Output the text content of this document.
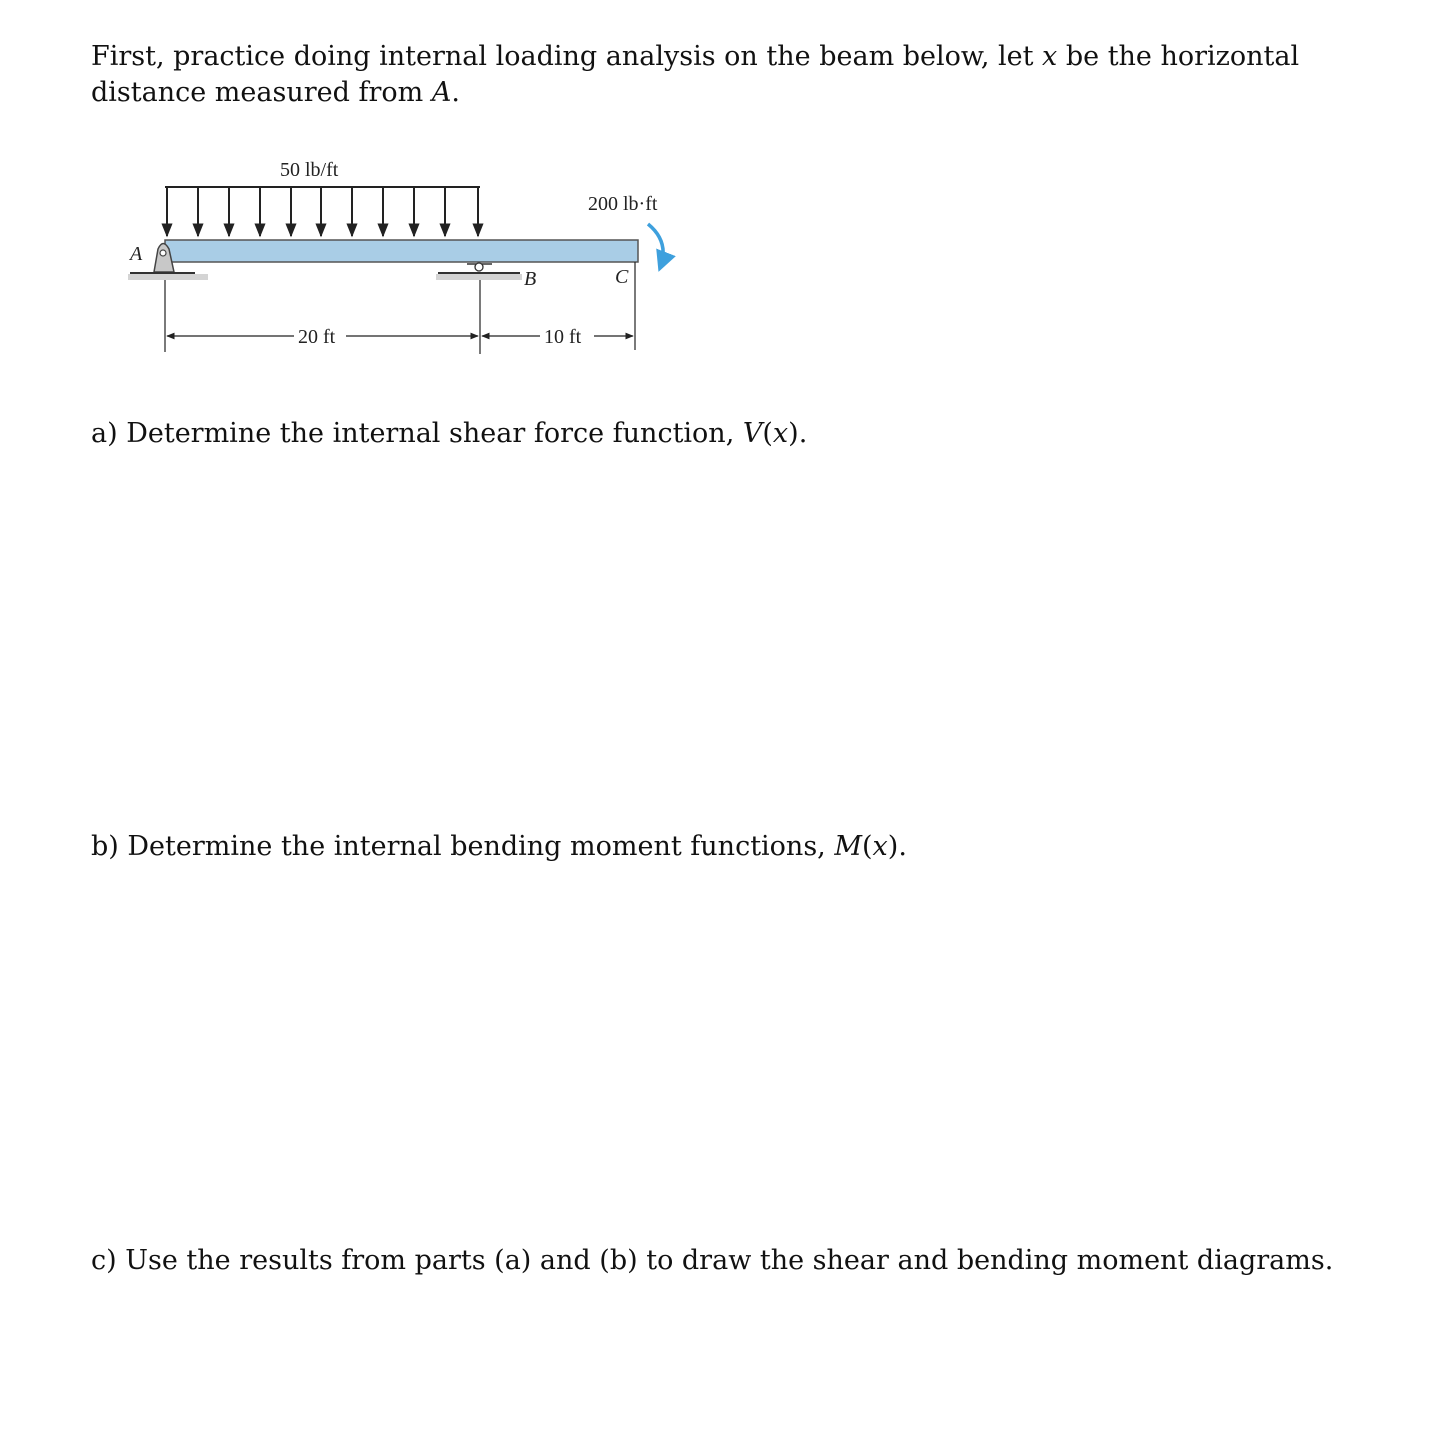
First, practice doing internal loading analysis on the beam below, let x be the horizontal distance measured from A.

50 lb/ft
200 lb·ft
A
B	C
20 ft	10 ft

a) Determine the internal shear force function, V(x).

b) Determine the internal bending moment functions, M(x).

c) Use the results from parts (a) and (b) to draw the shear and bending moment diagrams.
